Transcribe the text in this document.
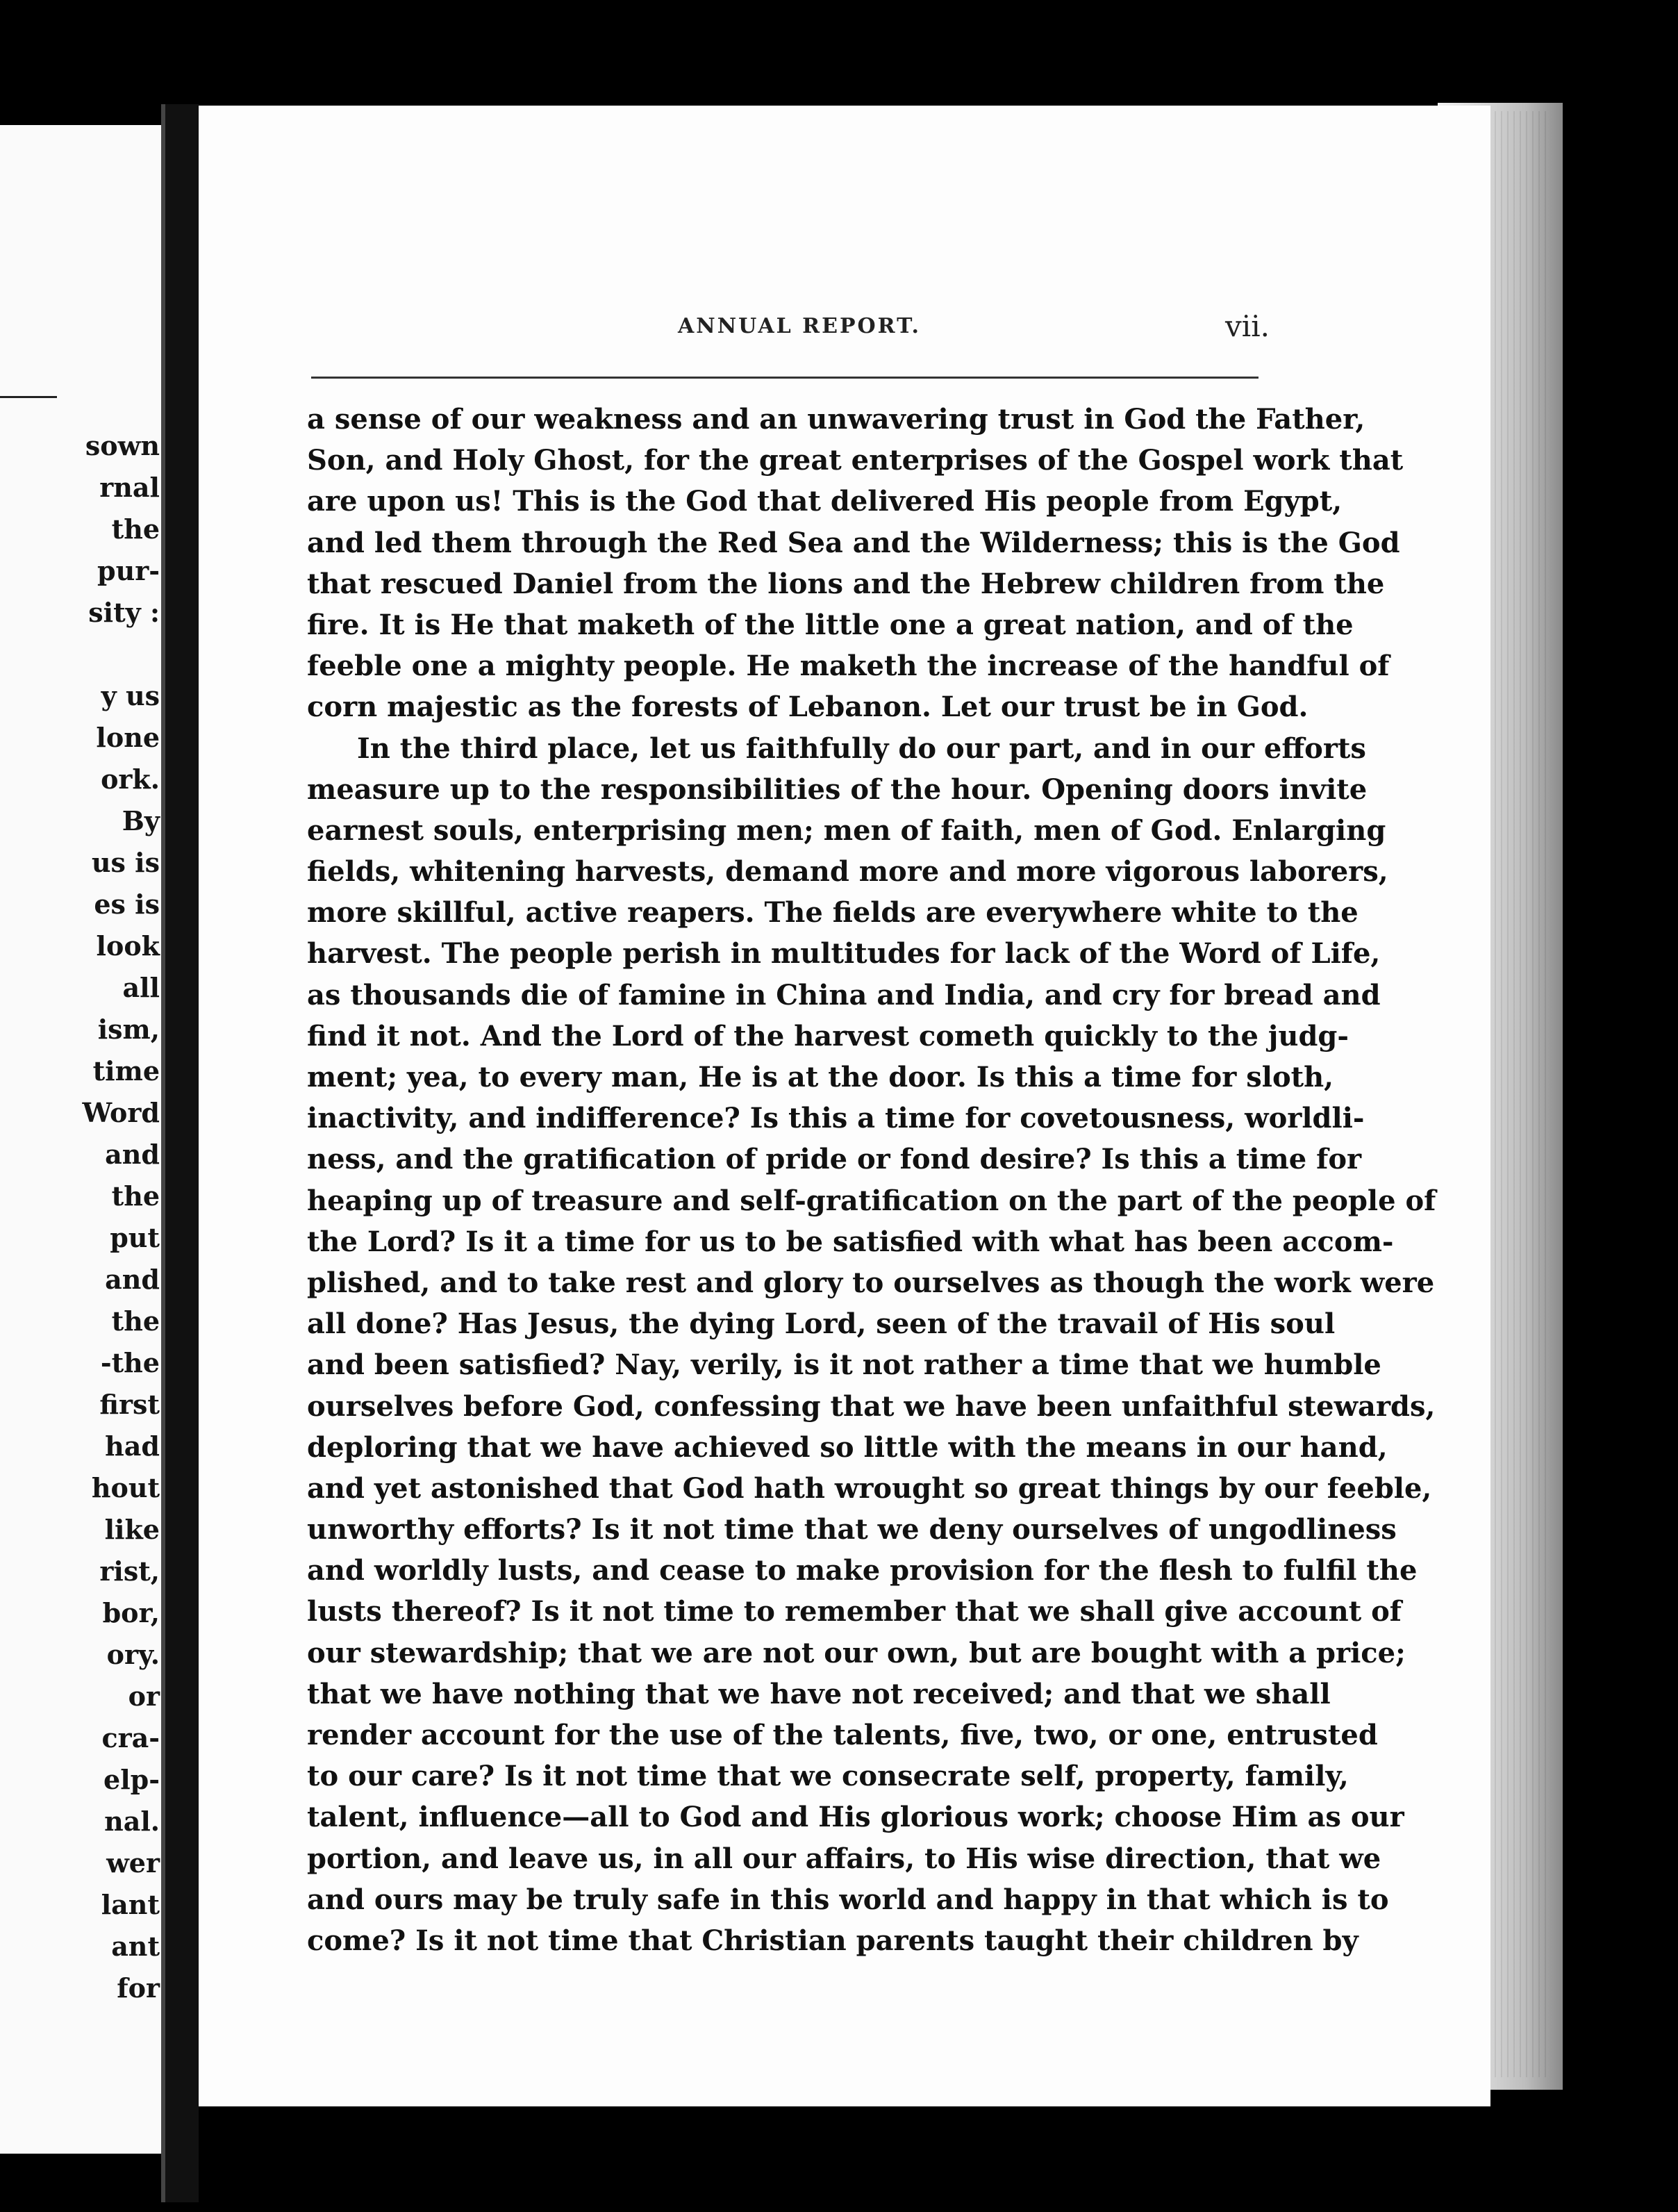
sown
rnal
the
pur-
sity :
y us
lone
ork.
By
us is
es is
look
all
ism,
time
Word
and
the
put
and
the
-the
first
had
hout
like
rist,
bor,
ory.
or
cra-
elp-
nal.
wer
lant
ant
for
ANNUAL REPORT.	vii.
a sense of our weakness and an unwavering trust in God the Father,
Son, and Holy Ghost, for the great enterprises of the Gospel work that
are upon us! This is the God that delivered His people from Egypt,
and led them through the Red Sea and the Wilderness; this is the God
that rescued Daniel from the lions and the Hebrew children from the
fire. It is He that maketh of the little one a great nation, and of the
feeble one a mighty people. He maketh the increase of the handful of
corn majestic as the forests of Lebanon. Let our trust be in God.
In the third place, let us faithfully do our part, and in our efforts
measure up to the responsibilities of the hour. Opening doors invite
earnest souls, enterprising men; men of faith, men of God. Enlarging
fields, whitening harvests, demand more and more vigorous laborers,
more skillful, active reapers. The fields are everywhere white to the
harvest. The people perish in multitudes for lack of the Word of Life,
as thousands die of famine in China and India, and cry for bread and
find it not. And the Lord of the harvest cometh quickly to the judg-
ment; yea, to every man, He is at the door. Is this a time for sloth,
inactivity, and indifference? Is this a time for covetousness, worldli-
ness, and the gratification of pride or fond desire? Is this a time for
heaping up of treasure and self-gratification on the part of the people of
the Lord? Is it a time for us to be satisfied with what has been accom-
plished, and to take rest and glory to ourselves as though the work were
all done? Has Jesus, the dying Lord, seen of the travail of His soul
and been satisfied? Nay, verily, is it not rather a time that we humble
ourselves before God, confessing that we have been unfaithful stewards,
deploring that we have achieved so little with the means in our hand,
and yet astonished that God hath wrought so great things by our feeble,
unworthy efforts? Is it not time that we deny ourselves of ungodliness
and worldly lusts, and cease to make provision for the flesh to fulfil the
lusts thereof? Is it not time to remember that we shall give account of
our stewardship; that we are not our own, but are bought with a price;
that we have nothing that we have not received; and that we shall
render account for the use of the talents, five, two, or one, entrusted
to our care? Is it not time that we consecrate self, property, family,
talent, influence—all to God and His glorious work; choose Him as our
portion, and leave us, in all our affairs, to His wise direction, that we
and ours may be truly safe in this world and happy in that which is to
come? Is it not time that Christian parents taught their children by
